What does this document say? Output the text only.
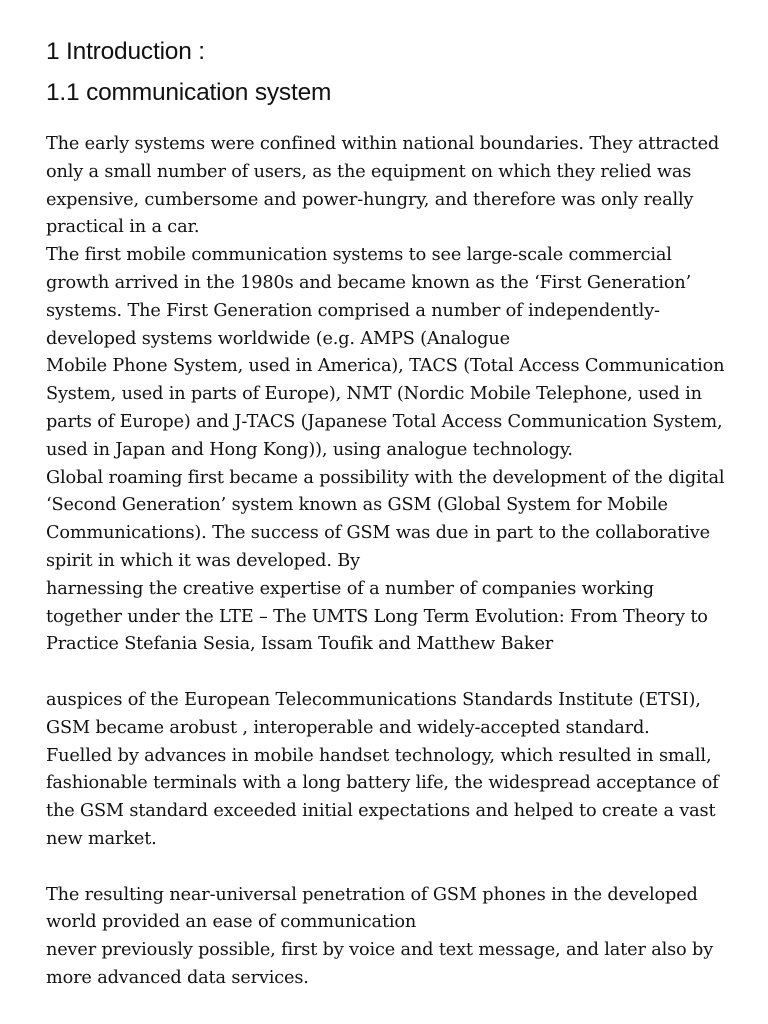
1 Introduction :
1.1 communication system
The early systems were confined within national boundaries. They attracted
only a small number of users, as the equipment on which they relied was
expensive, cumbersome and power-hungry, and therefore was only really
practical in a car.
The first mobile communication systems to see large-scale commercial
growth arrived in the 1980s and became known as the ‘First Generation’
systems. The First Generation comprised a number of independently-
developed systems worldwide (e.g. AMPS (Analogue
Mobile Phone System, used in America), TACS (Total Access Communication
System, used in parts of Europe), NMT (Nordic Mobile Telephone, used in
parts of Europe) and J-TACS (Japanese Total Access Communication System,
used in Japan and Hong Kong)), using analogue technology.
Global roaming first became a possibility with the development of the digital
‘Second Generation’ system known as GSM (Global System for Mobile
Communications). The success of GSM was due in part to the collaborative
spirit in which it was developed. By
harnessing the creative expertise of a number of companies working
together under the LTE – The UMTS Long Term Evolution: From Theory to
Practice Stefania Sesia, Issam Toufik and Matthew Baker
auspices of the European Telecommunications Standards Institute (ETSI),
GSM became arobust , interoperable and widely-accepted standard.
Fuelled by advances in mobile handset technology, which resulted in small,
fashionable terminals with a long battery life, the widespread acceptance of
the GSM standard exceeded initial expectations and helped to create a vast
new market.
The resulting near-universal penetration of GSM phones in the developed
world provided an ease of communication
never previously possible, first by voice and text message, and later also by
more advanced data services.
